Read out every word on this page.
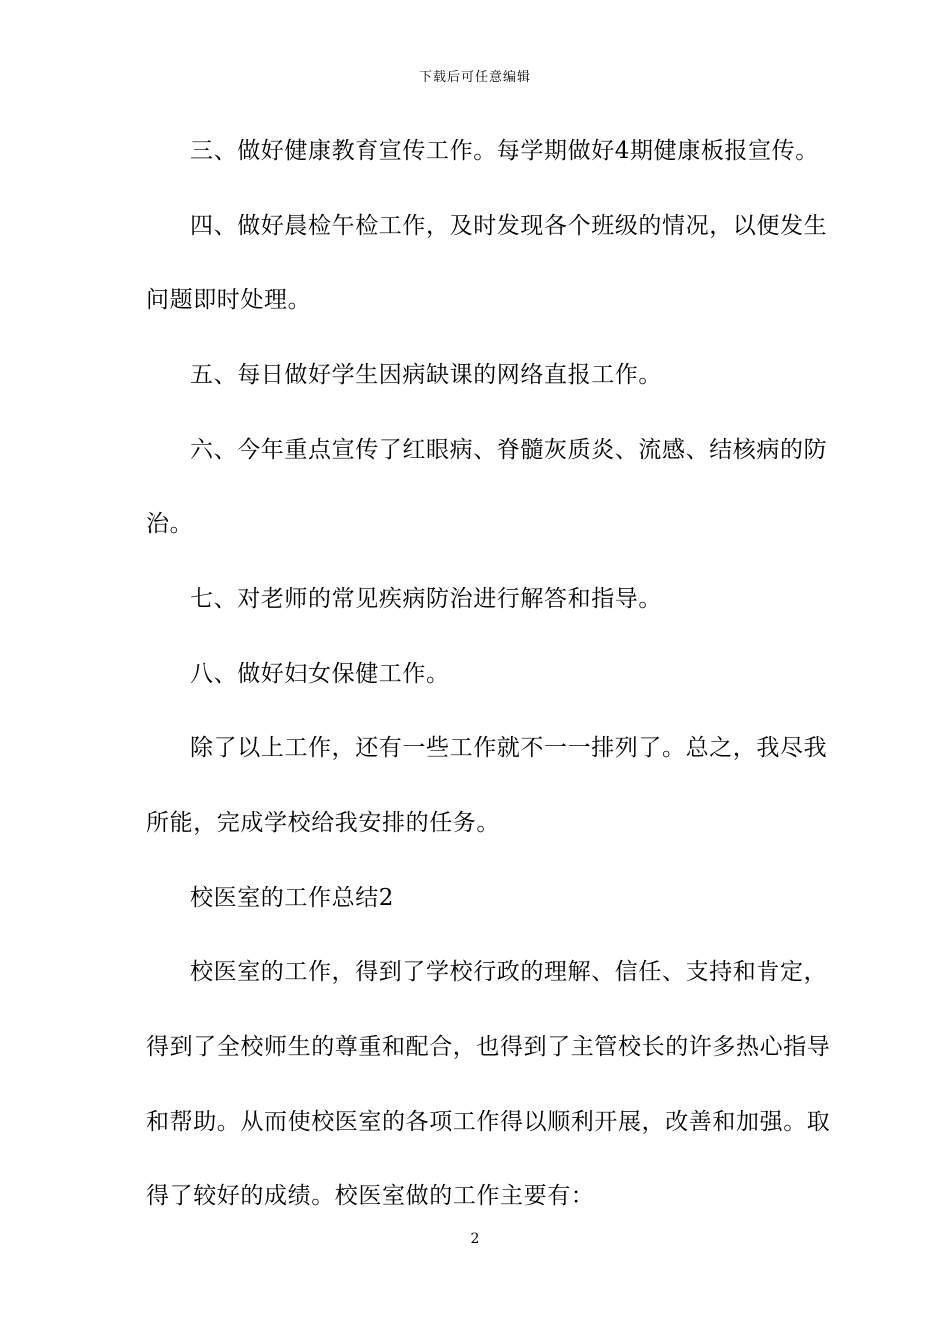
下载后可任意编辑
三、做好健康教育宣传工作。每学期做好4期健康板报宣传。
四、做好晨检午检工作，及时发现各个班级的情况，以便发生
问题即时处理。
五、每日做好学生因病缺课的网络直报工作。
六、今年重点宣传了红眼病、脊髓灰质炎、流感、结核病的防
治。
七、对老师的常见疾病防治进行解答和指导。
八、做好妇女保健工作。
除了以上工作，还有一些工作就不一一排列了。总之，我尽我
所能，完成学校给我安排的任务。
校医室的工作总结2
校医室的工作，得到了学校行政的理解、信任、支持和肯定，
得到了全校师生的尊重和配合，也得到了主管校长的许多热心指导
和帮助。从而使校医室的各项工作得以顺利开展，改善和加强。取
得了较好的成绩。校医室做的工作主要有：
2
